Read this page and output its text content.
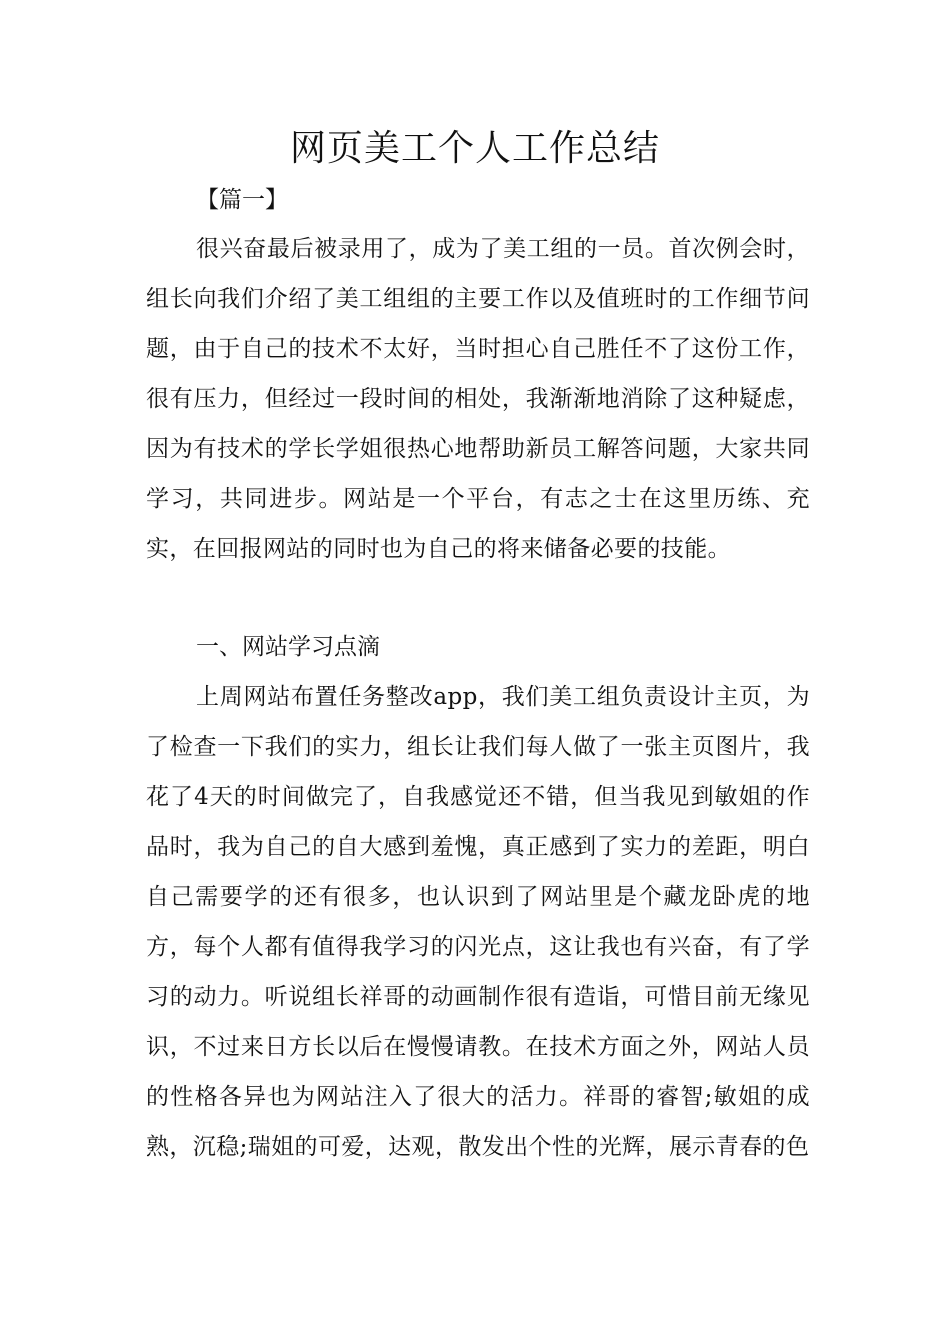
网页美工个人工作总结

【篇一】

很兴奋最后被录用了，成为了美工组的一员。首次例会时，组长向我们介绍了美工组组的主要工作以及值班时的工作细节问题，由于自己的技术不太好，当时担心自己胜任不了这份工作，很有压力，但经过一段时间的相处，我渐渐地消除了这种疑虑，因为有技术的学长学姐很热心地帮助新员工解答问题，大家共同学习，共同进步。网站是一个平台，有志之士在这里历练、充实，在回报网站的同时也为自己的将来储备必要的技能。

一、网站学习点滴

上周网站布置任务整改app，我们美工组负责设计主页，为了检查一下我们的实力，组长让我们每人做了一张主页图片，我花了4天的时间做完了，自我感觉还不错，但当我见到敏姐的作品时，我为自己的自大感到羞愧，真正感到了实力的差距，明白自己需要学的还有很多，也认识到了网站里是个藏龙卧虎的地方，每个人都有值得我学习的闪光点，这让我也有兴奋，有了学习的动力。听说组长祥哥的动画制作很有造诣，可惜目前无缘见识，不过来日方长以后在慢慢请教。在技术方面之外，网站人员的性格各异也为网站注入了很大的活力。祥哥的睿智;敏姐的成熟，沉稳;瑞姐的可爱，达观，散发出个性的光辉，展示青春的色
